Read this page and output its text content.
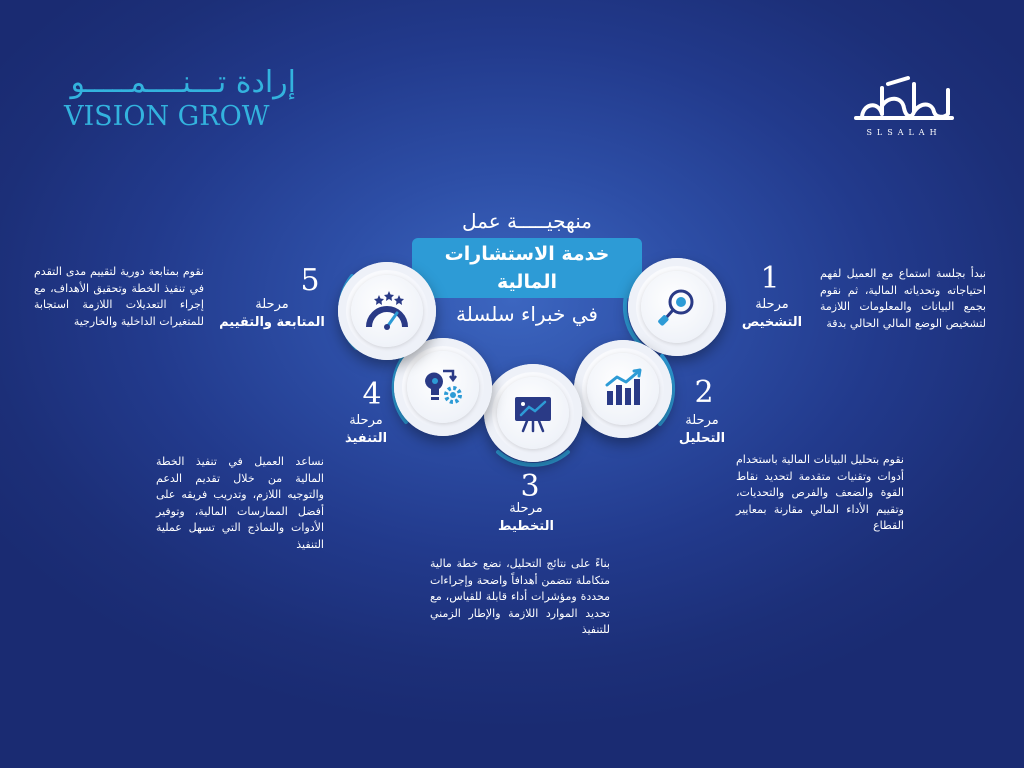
إرادة تـــنــــمـــــو
VISION GROW
SLSALAH
منهجيـــــة عمل
خدمة الاستشارات المالية
في خبراء سلسلة
1
مرحلة
التشخيص
نبدأ بجلسة استماع مع العميل لفهم احتياجاته وتحدياته المالية، ثم نقوم بجمع البيانات والمعلومات اللازمة لتشخيص الوضع المالي الحالي بدقة
2
مرحلة
التحليل
نقوم بتحليل البيانات المالية باستخدام أدوات وتقنيات متقدمة لتحديد نقاط القوة والضعف والفرص والتحديات، وتقييم الأداء المالي مقارنة بمعايير القطاع
3
مرحلة
التخطيط
بناءً على نتائج التحليل، نضع خطة مالية متكاملة تتضمن أهدافاً واضحة وإجراءات محددة ومؤشرات أداء قابلة للقياس، مع تحديد الموارد اللازمة والإطار الزمني للتنفيذ
4
مرحلة
التنفيذ
نساعد العميل في تنفيذ الخطة المالية من خلال تقديم الدعم والتوجيه اللازم، وتدريب فريقه على أفضل الممارسات المالية، وتوفير الأدوات والنماذج التي تسهل عملية التنفيذ
5
مرحلة
المتابعة والتقييم
نقوم بمتابعة دورية لتقييم مدى التقدم في تنفيذ الخطة وتحقيق الأهداف، مع إجراء التعديلات اللازمة استجابة للمتغيرات الداخلية والخارجية
